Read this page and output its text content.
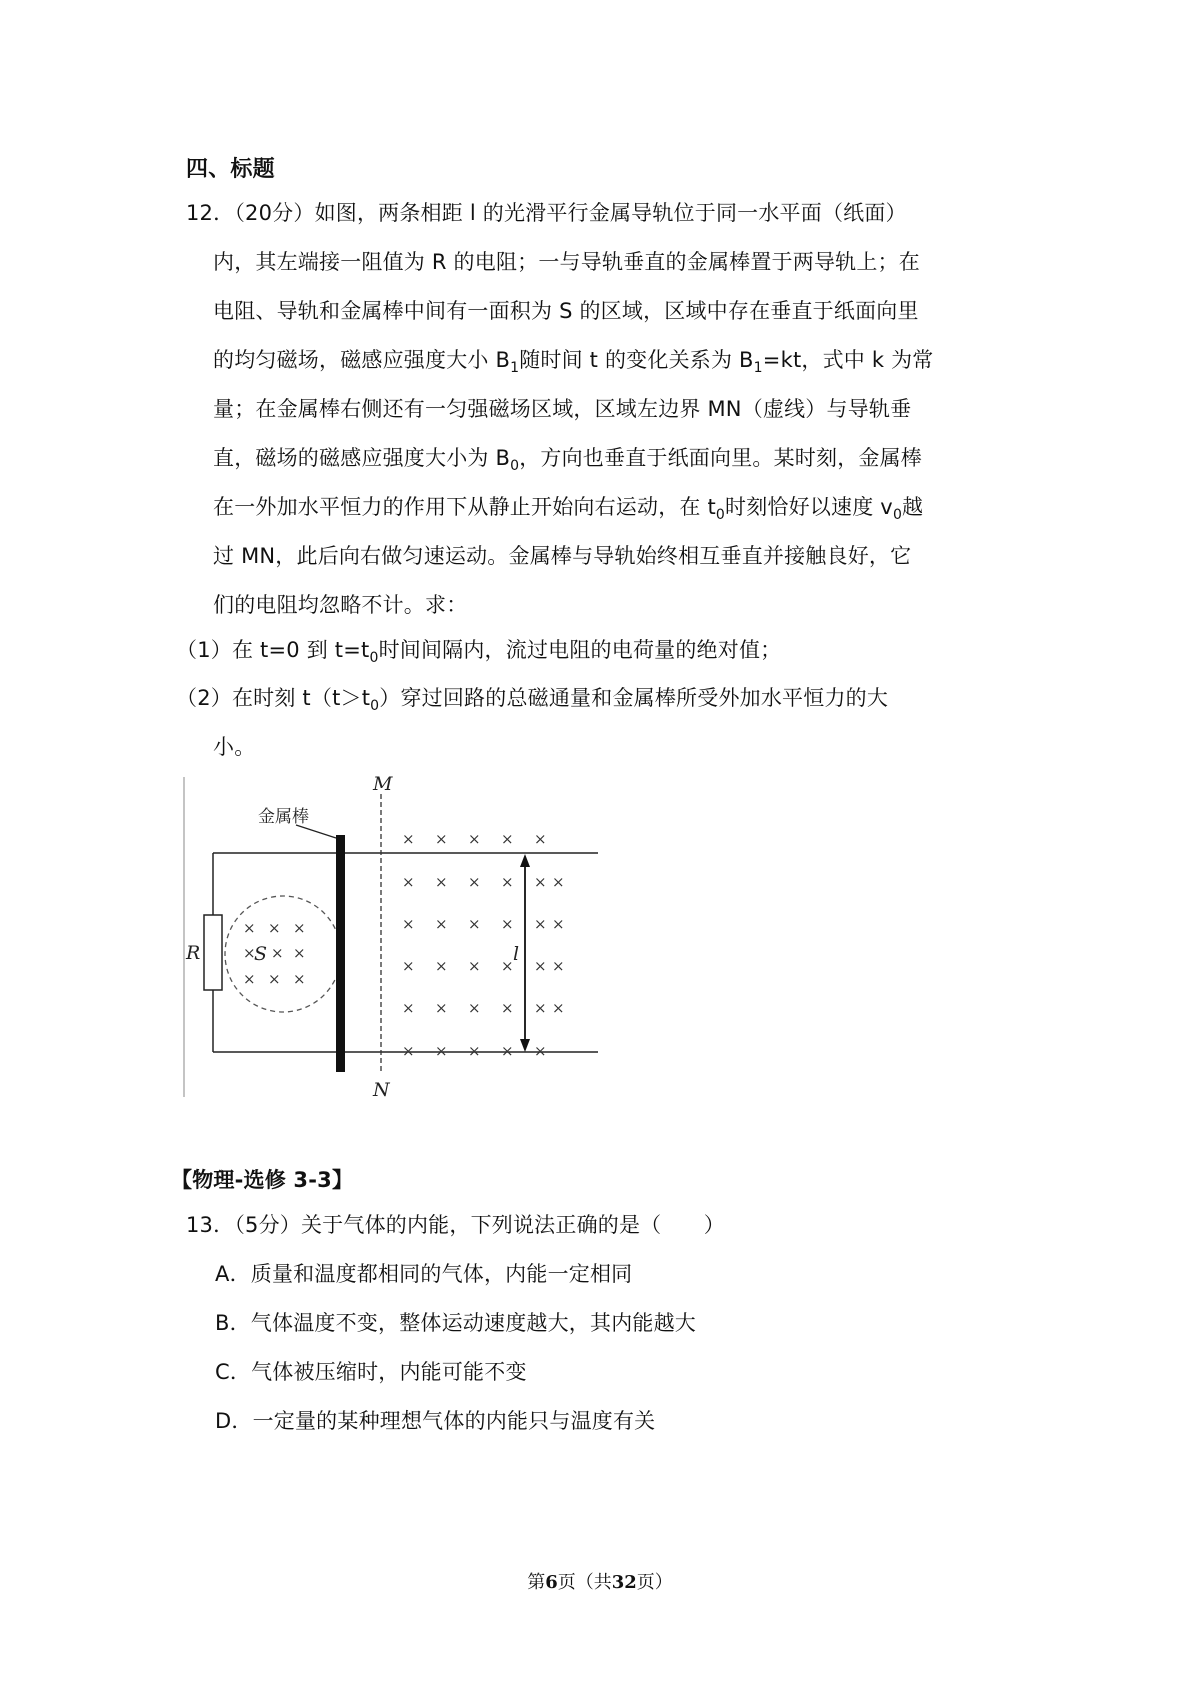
四、标题
12．（20分）如图，两条相距 l 的光滑平行金属导轨位于同一水平面（纸面）
内，其左端接一阻值为 R 的电阻；一与导轨垂直的金属棒置于两导轨上；在
电阻、导轨和金属棒中间有一面积为 S 的区域，区域中存在垂直于纸面向里
的均匀磁场，磁感应强度大小 $B_1$随时间 t 的变化关系为 $B_1=kt$，式中 k 为常
量；在金属棒右侧还有一匀强磁场区域，区域左边界 MN（虚线）与导轨垂
直，磁场的磁感应强度大小为 $B_0$，方向也垂直于纸面向里。某时刻，金属棒
在一外加水平恒力的作用下从静止开始向右运动，在 $t_0$时刻恰好以速度 $v_0$越
过 MN，此后向右做匀速运动。金属棒与导轨始终相互垂直并接触良好，它
们的电阻均忽略不计。求：
（1）在 t=0 到 $t=t_0$时间间隔内，流过电阻的电荷量的绝对值；
（2）在时刻 $t(t>t_0)$穿过回路的总磁通量和金属棒所受外加水平恒力的大
小。
R	S
× × ×
× × ×
× × ×
金属棒
M
N
l
× × × × ×
× × × × ×
× × × × ×
× × × × ×
× × × × ×
× × × × ×
×
×
×
×
【物理-选修 3-3】
13．（5分）关于气体的内能，下列说法正确的是（　　）
A．质量和温度都相同的气体，内能一定相同
B．气体温度不变，整体运动速度越大，其内能越大
C．气体被压缩时，内能可能不变
D．一定量的某种理想气体的内能只与温度有关
第6页（共32页）
